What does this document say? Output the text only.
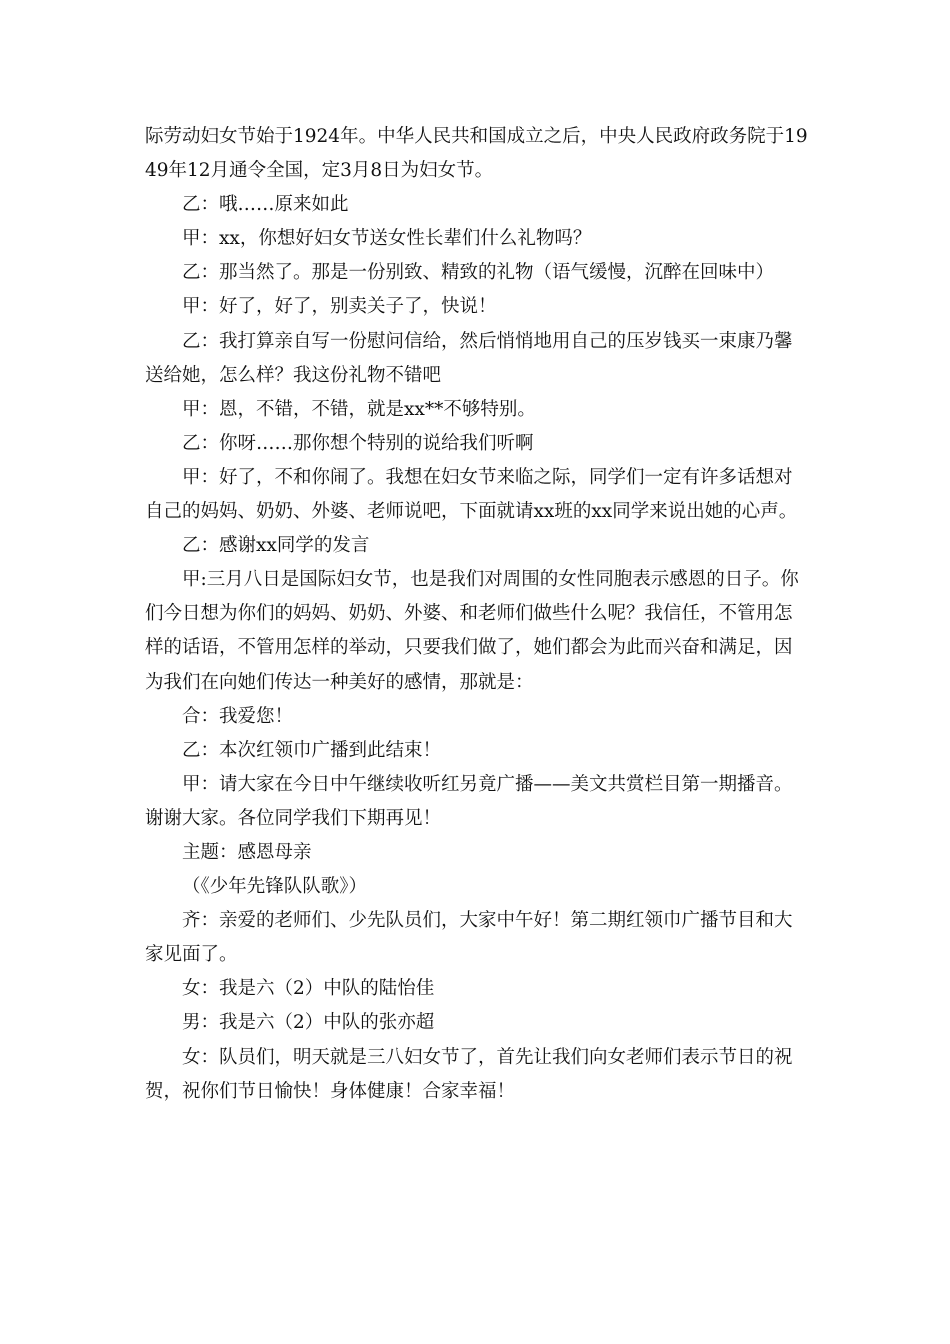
际劳动妇女节始于1924年。中华人民共和国成立之后，中央人民政府政务院于1949年12月通令全国，定3月8日为妇女节。

乙：哦……原来如此

甲：xx，你想好妇女节送女性长辈们什么礼物吗？

乙：那当然了。那是一份别致、精致的礼物（语气缓慢，沉醉在回味中）

甲：好了，好了，别卖关子了，快说！

乙：我打算亲自写一份慰问信给，然后悄悄地用自己的压岁钱买一束康乃馨送给她，怎么样？我这份礼物不错吧

甲：恩，不错，不错，就是xx**不够特别。

乙：你呀……那你想个特别的说给我们听啊

甲：好了，不和你闹了。我想在妇女节来临之际，同学们一定有许多话想对自己的妈妈、奶奶、外婆、老师说吧，下面就请xx班的xx同学来说出她的心声。

乙：感谢xx同学的发言

甲:三月八日是国际妇女节，也是我们对周围的女性同胞表示感恩的日子。你们今日想为你们的妈妈、奶奶、外婆、和老师们做些什么呢？我信任，不管用怎样的话语，不管用怎样的举动，只要我们做了，她们都会为此而兴奋和满足，因为我们在向她们传达一种美好的感情，那就是：

合：我爱您！

乙：本次红领巾广播到此结束！

甲：请大家在今日中午继续收听红另竟广播——美文共赏栏目第一期播音。谢谢大家。各位同学我们下期再见！

主题：感恩母亲

（《少年先锋队队歌》）

齐：亲爱的老师们、少先队员们，大家中午好！第二期红领巾广播节目和大家见面了。

女：我是六（2）中队的陆怡佳

男：我是六（2）中队的张亦超

女：队员们，明天就是三八妇女节了，首先让我们向女老师们表示节日的祝贺，祝你们节日愉快！身体健康！合家幸福！
